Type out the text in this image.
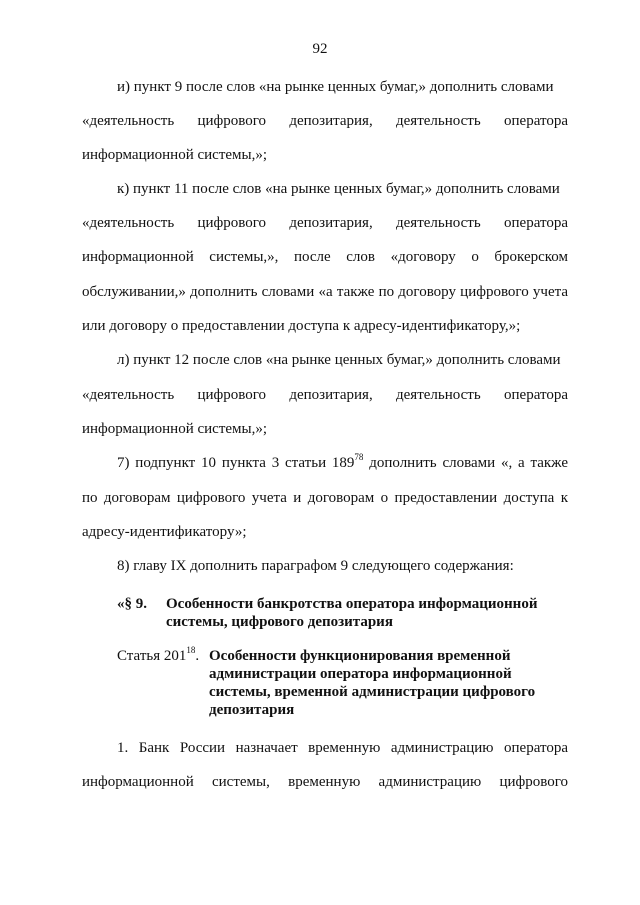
92
и) пункт 9 после слов «на рынке ценных бумаг,» дополнить словами
«деятельность цифрового депозитария, деятельность оператора
информационной системы,»;
к) пункт 11 после слов «на рынке ценных бумаг,» дополнить словами
«деятельность цифрового депозитария, деятельность оператора
информационной системы,», после слов «договору о брокерском
обслуживании,» дополнить словами «а также по договору цифрового учета
или договору о предоставлении доступа к адресу-идентификатору,»;
л) пункт 12 после слов «на рынке ценных бумаг,» дополнить словами
«деятельность цифрового депозитария, деятельность оператора
информационной системы,»;
7) подпункт 10 пункта 3 статьи $189^{78}$ дополнить словами «, а также
по договорам цифрового учета и договорам о предоставлении доступа к
адресу-идентификатору»;
8) главу IX дополнить параграфом 9 следующего содержания:
«§ 9. Особенности банкротства оператора информационной
системы, цифрового депозитария
Статья $201^{18}$. Особенности функционирования временной
администрации оператора информационной
системы, временной администрации цифрового
депозитария
1. Банк России назначает временную администрацию оператора
информационной системы, временную администрацию цифрового
